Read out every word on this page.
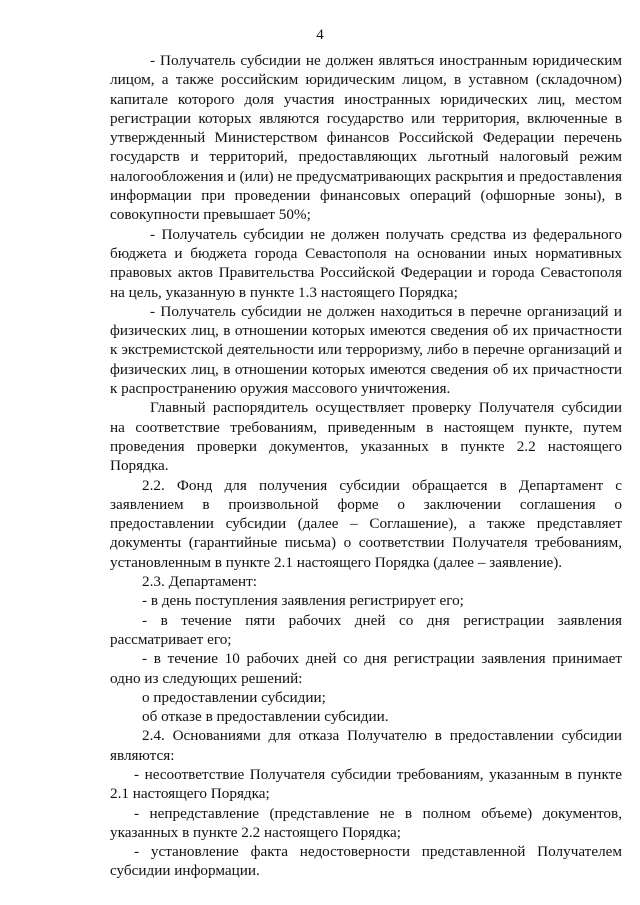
4

- Получатель субсидии не должен являться иностранным юридическим лицом, а также российским юридическим лицом, в уставном (складочном) капитале которого доля участия иностранных юридических лиц, местом регистрации которых являются государство или территория, включенные в утвержденный Министерством финансов Российской Федерации перечень государств и территорий, предоставляющих льготный налоговый режим налогообложения и (или) не предусматривающих раскрытия и предоставления информации при проведении финансовых операций (офшорные зоны), в совокупности превышает 50%;

- Получатель субсидии не должен получать средства из федерального бюджета и бюджета города Севастополя на основании иных нормативных правовых актов Правительства Российской Федерации и города Севастополя на цель, указанную в пункте 1.3 настоящего Порядка;

- Получатель субсидии не должен находиться в перечне организаций и физических лиц, в отношении которых имеются сведения об их причастности к экстремистской деятельности или терроризму, либо в перечне организаций и физических лиц, в отношении которых имеются сведения об их причастности к распространению оружия массового уничтожения.

Главный распорядитель осуществляет проверку Получателя субсидии на соответствие требованиям, приведенным в настоящем пункте, путем проведения проверки документов, указанных в пункте 2.2 настоящего Порядка.

2.2. Фонд для получения субсидии обращается в Департамент с заявлением в произвольной форме о заключении соглашения о предоставлении субсидии (далее – Соглашение), а также представляет документы (гарантийные письма) о соответствии Получателя требованиям, установленным в пункте 2.1 настоящего Порядка (далее – заявление).

2.3. Департамент:

- в день поступления заявления регистрирует его;

- в течение пяти рабочих дней со дня регистрации заявления рассматривает его;

- в течение 10 рабочих дней со дня регистрации заявления принимает одно из следующих решений:

о предоставлении субсидии;

об отказе в предоставлении субсидии.

2.4. Основаниями для отказа Получателю в предоставлении субсидии являются:

- несоответствие Получателя субсидии требованиям, указанным в пункте 2.1 настоящего Порядка;

- непредставление (представление не в полном объеме) документов, указанных в пункте 2.2 настоящего Порядка;

- установление факта недостоверности представленной Получателем субсидии информации.
